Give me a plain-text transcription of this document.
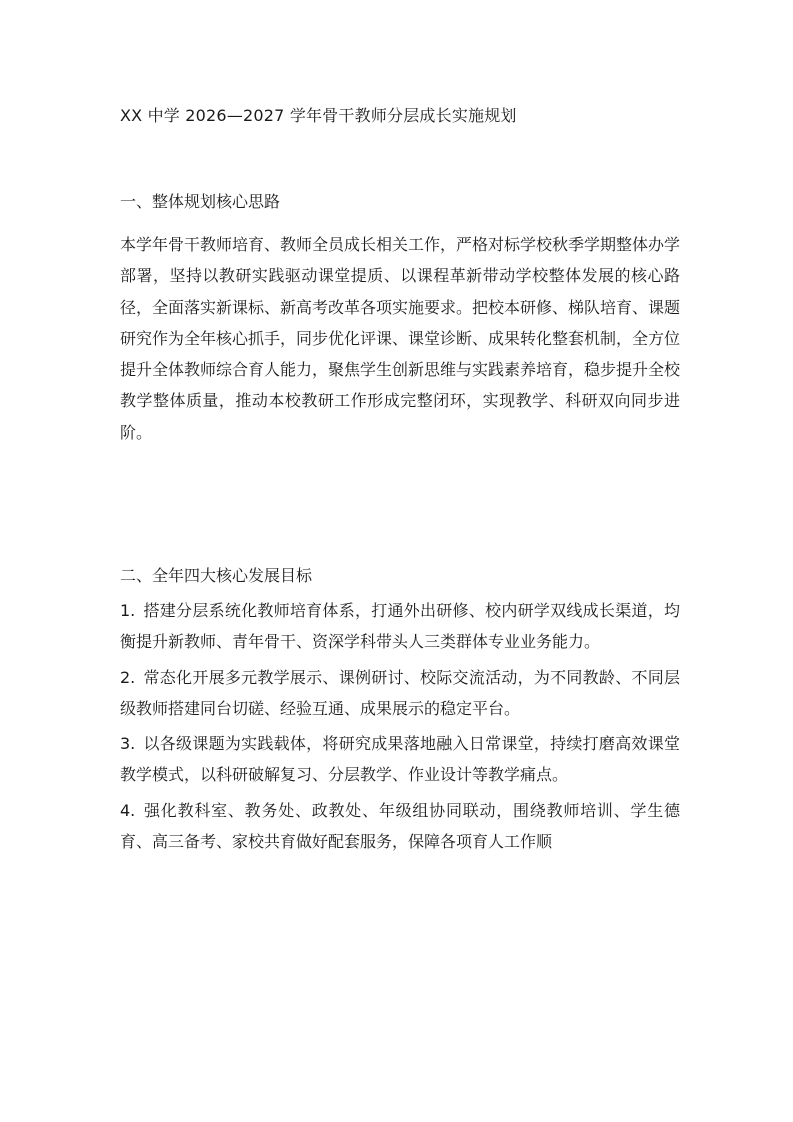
XX 中学 2026—2027 学年骨干教师分层成长实施规划
一、整体规划核心思路
本学年骨干教师培育、教师全员成长相关工作，严格对标学校秋季学期整体办学部署，坚持以教研实践驱动课堂提质、以课程革新带动学校整体发展的核心路径，全面落实新课标、新高考改革各项实施要求。把校本研修、梯队培育、课题研究作为全年核心抓手，同步优化评课、课堂诊断、成果转化整套机制，全方位提升全体教师综合育人能力，聚焦学生创新思维与实践素养培育，稳步提升全校教学整体质量，推动本校教研工作形成完整闭环，实现教学、科研双向同步进阶。
二、全年四大核心发展目标
1. 搭建分层系统化教师培育体系，打通外出研修、校内研学双线成长渠道，均衡提升新教师、青年骨干、资深学科带头人三类群体专业业务能力。
2. 常态化开展多元教学展示、课例研讨、校际交流活动，为不同教龄、不同层级教师搭建同台切磋、经验互通、成果展示的稳定平台。
3. 以各级课题为实践载体，将研究成果落地融入日常课堂，持续打磨高效课堂教学模式，以科研破解复习、分层教学、作业设计等教学痛点。
4. 强化教科室、教务处、政教处、年级组协同联动，围绕教师培训、学生德育、高三备考、家校共育做好配套服务，保障各项育人工作顺
